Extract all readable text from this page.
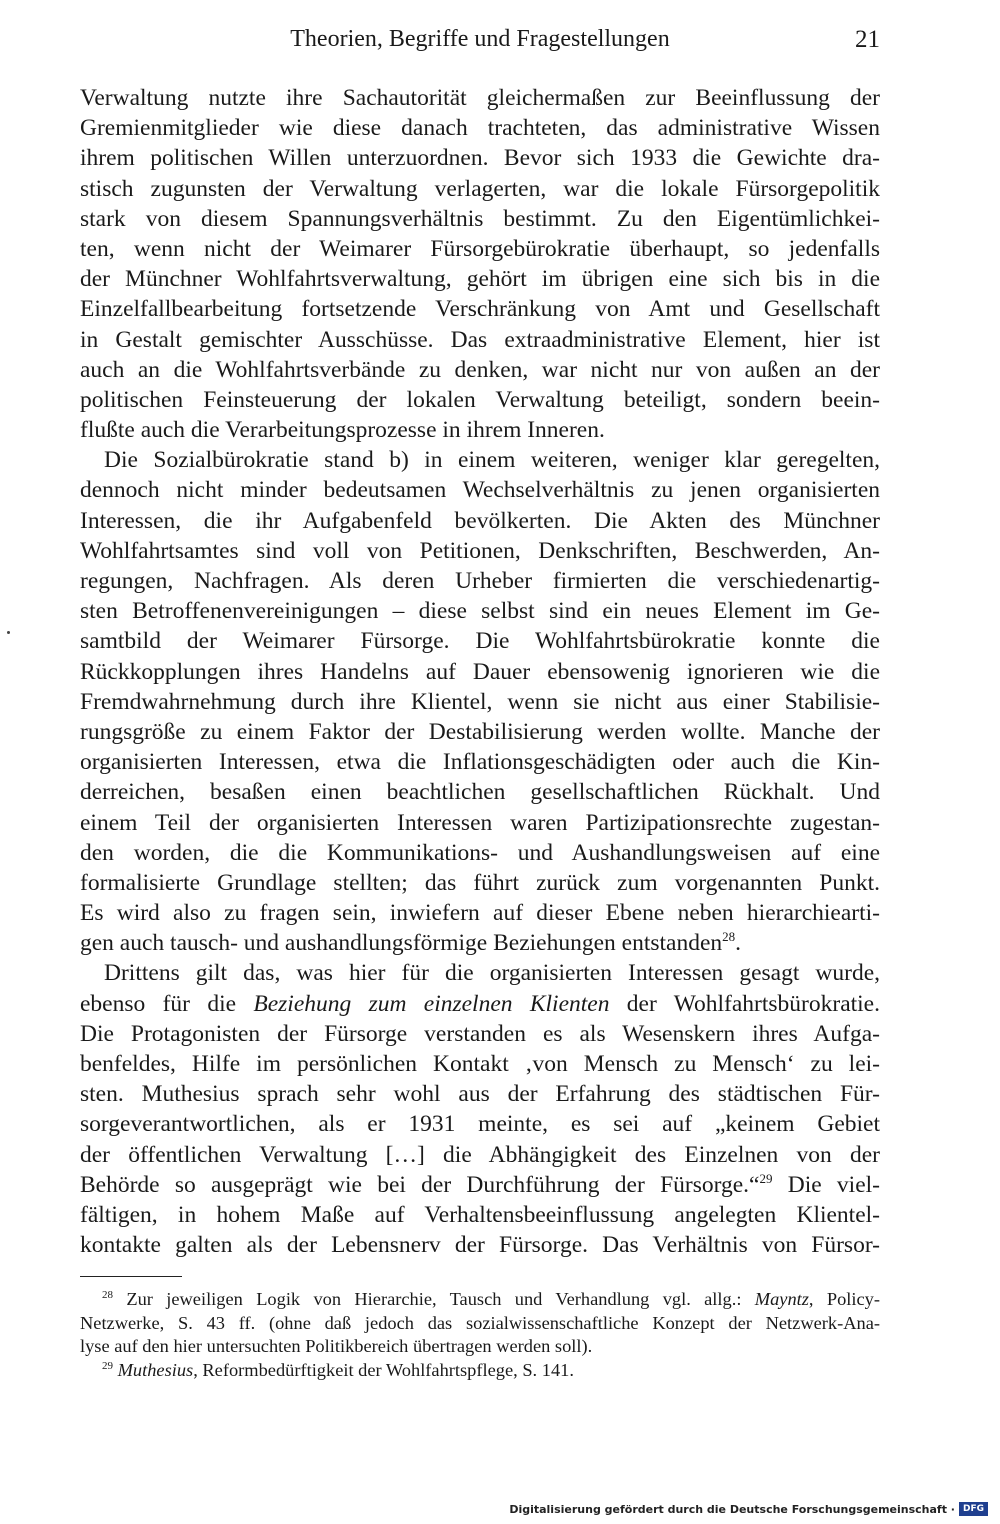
Theorien, Begriffe und Fragestellungen	21
Verwaltung nutzte ihre Sachautorität gleichermaßen zur Beeinflussung der
Gremienmitglieder wie diese danach trachteten, das administrative Wissen
ihrem politischen Willen unterzuordnen. Bevor sich 1933 die Gewichte dra-
stisch zugunsten der Verwaltung verlagerten, war die lokale Fürsorgepolitik
stark von diesem Spannungsverhältnis bestimmt. Zu den Eigentümlichkei-
ten, wenn nicht der Weimarer Fürsorgebürokratie überhaupt, so jedenfalls
der Münchner Wohlfahrtsverwaltung, gehört im übrigen eine sich bis in die
Einzelfallbearbeitung fortsetzende Verschränkung von Amt und Gesellschaft
in Gestalt gemischter Ausschüsse. Das extraadministrative Element, hier ist
auch an die Wohlfahrtsverbände zu denken, war nicht nur von außen an der
politischen Feinsteuerung der lokalen Verwaltung beteiligt, sondern beein-
flußte auch die Verarbeitungsprozesse in ihrem Inneren.
Die Sozialbürokratie stand b) in einem weiteren, weniger klar geregelten,
dennoch nicht minder bedeutsamen Wechselverhältnis zu jenen organisierten
Interessen, die ihr Aufgabenfeld bevölkerten. Die Akten des Münchner
Wohlfahrtsamtes sind voll von Petitionen, Denkschriften, Beschwerden, An-
regungen, Nachfragen. Als deren Urheber firmierten die verschiedenartig-
sten Betroffenenvereinigungen – diese selbst sind ein neues Element im Ge-
samtbild der Weimarer Fürsorge. Die Wohlfahrtsbürokratie konnte die
Rückkopplungen ihres Handelns auf Dauer ebensowenig ignorieren wie die
Fremdwahrnehmung durch ihre Klientel, wenn sie nicht aus einer Stabilisie-
rungsgröße zu einem Faktor der Destabilisierung werden wollte. Manche der
organisierten Interessen, etwa die Inflationsgeschädigten oder auch die Kin-
derreichen, besaßen einen beachtlichen gesellschaftlichen Rückhalt. Und
einem Teil der organisierten Interessen waren Partizipationsrechte zugestan-
den worden, die die Kommunikations- und Aushandlungsweisen auf eine
formalisierte Grundlage stellten; das führt zurück zum vorgenannten Punkt.
Es wird also zu fragen sein, inwiefern auf dieser Ebene neben hierarchiearti-
gen auch tausch- und aushandlungsförmige Beziehungen entstanden$^{28}$.
Drittens gilt das, was hier für die organisierten Interessen gesagt wurde,
ebenso für die Beziehung zum einzelnen Klienten der Wohlfahrtsbürokratie.
Die Protagonisten der Fürsorge verstanden es als Wesenskern ihres Aufga-
benfeldes, Hilfe im persönlichen Kontakt ‚von Mensch zu Mensch‘ zu lei-
sten. Muthesius sprach sehr wohl aus der Erfahrung des städtischen Für-
sorgeverantwortlichen, als er 1931 meinte, es sei auf „keinem Gebiet
der öffentlichen Verwaltung […] die Abhängigkeit des Einzelnen von der
Behörde so ausgeprägt wie bei der Durchführung der Fürsorge.“$^{29}$ Die viel-
fältigen, in hohem Maße auf Verhaltensbeeinflussung angelegten Klientel-
kontakte galten als der Lebensnerv der Fürsorge. Das Verhältnis von Fürsor-
$^{28}$ Zur jeweiligen Logik von Hierarchie, Tausch und Verhandlung vgl. allg.: Mayntz, Policy-
Netzwerke, S. 43 ff. (ohne daß jedoch das sozialwissenschaftliche Konzept der Netzwerk-Ana-
lyse auf den hier untersuchten Politikbereich übertragen werden soll).
$^{29}$ Muthesius, Reformbedürftigkeit der Wohlfahrtspflege, S. 141.
Digitalisierung gefördert durch die Deutsche Forschungsgemeinschaft · DFG
